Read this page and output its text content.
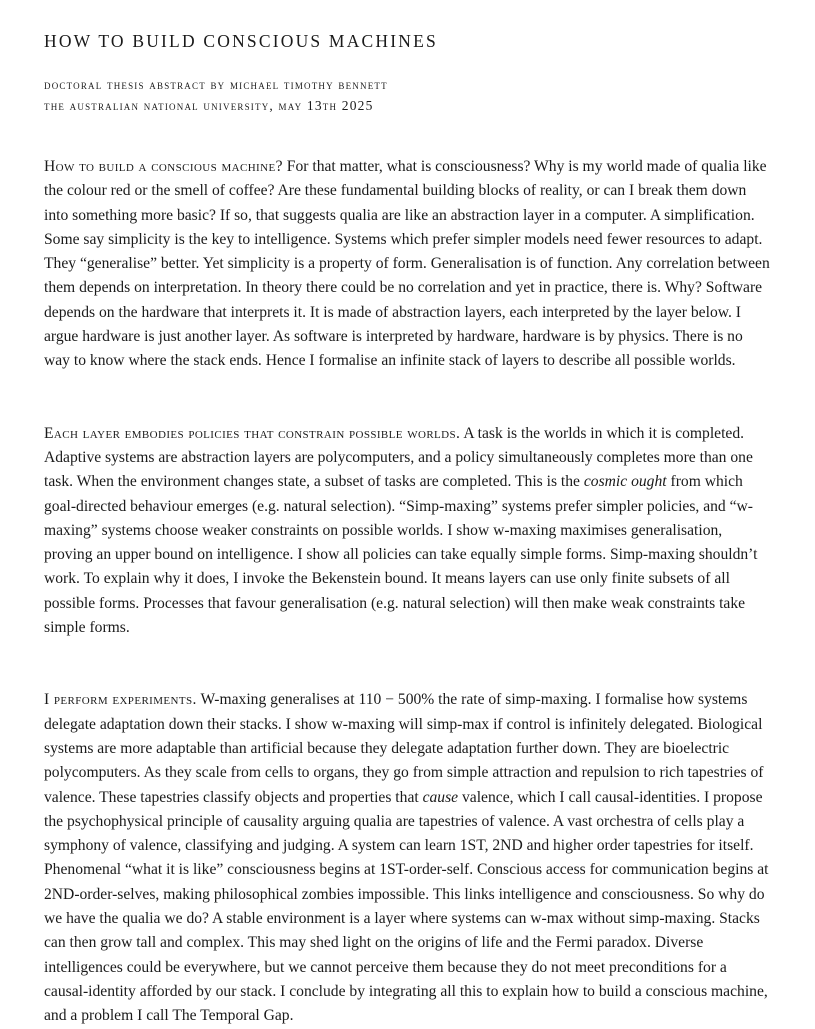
HOW TO BUILD CONSCIOUS MACHINES

doctoral thesis abstract by michael timothy bennett

the australian national university, may 13th 2025

How to build a conscious machine? For that matter, what is consciousness? Why is my world made of qualia like the colour red or the smell of coffee? Are these fundamental building blocks of reality, or can I break them down into something more basic? If so, that suggests qualia are like an abstraction layer in a computer. A simplification. Some say simplicity is the key to intelligence. Systems which prefer simpler models need fewer resources to adapt. They “generalise” better. Yet simplicity is a property of form. Generalisation is of function. Any correlation between them depends on interpretation. In theory there could be no correlation and yet in practice, there is. Why? Software depends on the hardware that interprets it. It is made of abstraction layers, each interpreted by the layer below. I argue hardware is just another layer. As software is interpreted by hardware, hardware is by physics. There is no way to know where the stack ends. Hence I formalise an infinite stack of layers to describe all possible worlds.

Each layer embodies policies that constrain possible worlds. A task is the worlds in which it is completed. Adaptive systems are abstraction layers are polycomputers, and a policy simultaneously completes more than one task. When the environment changes state, a subset of tasks are completed. This is the cosmic ought from which goal-directed behaviour emerges (e.g. natural selection). “Simp-maxing” systems prefer simpler policies, and “w-maxing” systems choose weaker constraints on possible worlds. I show w-maxing maximises generalisation, proving an upper bound on intelligence. I show all policies can take equally simple forms. Simp-maxing shouldn’t work. To explain why it does, I invoke the Bekenstein bound. It means layers can use only finite subsets of all possible forms. Processes that favour generalisation (e.g. natural selection) will then make weak constraints take simple forms.

I perform experiments. W-maxing generalises at 110 − 500% the rate of simp-maxing. I formalise how systems delegate adaptation down their stacks. I show w-maxing will simp-max if control is infinitely delegated. Biological systems are more adaptable than artificial because they delegate adaptation further down. They are bioelectric polycomputers. As they scale from cells to organs, they go from simple attraction and repulsion to rich tapestries of valence. These tapestries classify objects and properties that cause valence, which I call causal-identities. I propose the psychophysical principle of causality arguing qualia are tapestries of valence. A vast orchestra of cells play a symphony of valence, classifying and judging. A system can learn 1ST, 2ND and higher order tapestries for itself. Phenomenal “what it is like” consciousness begins at 1ST-order-self. Conscious access for communication begins at 2ND-order-selves, making philosophical zombies impossible. This links intelligence and consciousness. So why do we have the qualia we do? A stable environment is a layer where systems can w-max without simp-maxing. Stacks can then grow tall and complex. This may shed light on the origins of life and the Fermi paradox. Diverse intelligences could be everywhere, but we cannot perceive them because they do not meet preconditions for a causal-identity afforded by our stack. I conclude by integrating all this to explain how to build a conscious machine, and a problem I call The Temporal Gap.
